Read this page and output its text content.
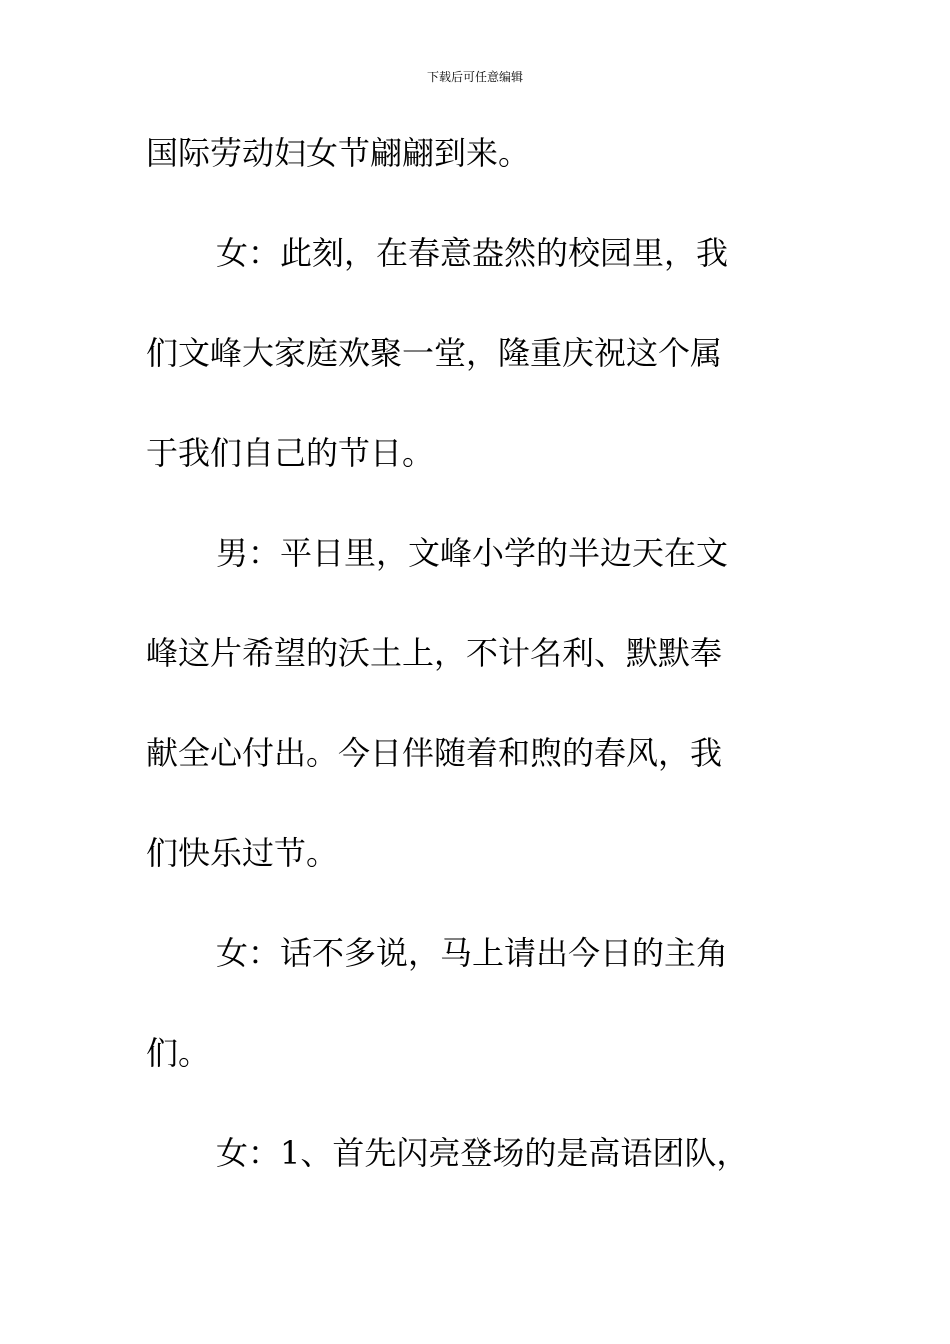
下载后可任意编辑
国际劳动妇女节翩翩到来。
女：此刻，在春意盎然的校园里，我
们文峰大家庭欢聚一堂，隆重庆祝这个属
于我们自己的节日。
男：平日里，文峰小学的半边天在文
峰这片希望的沃土上，不计名利、默默奉
献全心付出。今日伴随着和煦的春风，我
们快乐过节。
女：话不多说，马上请出今日的主角
们。
女：1、首先闪亮登场的是高语团队，
